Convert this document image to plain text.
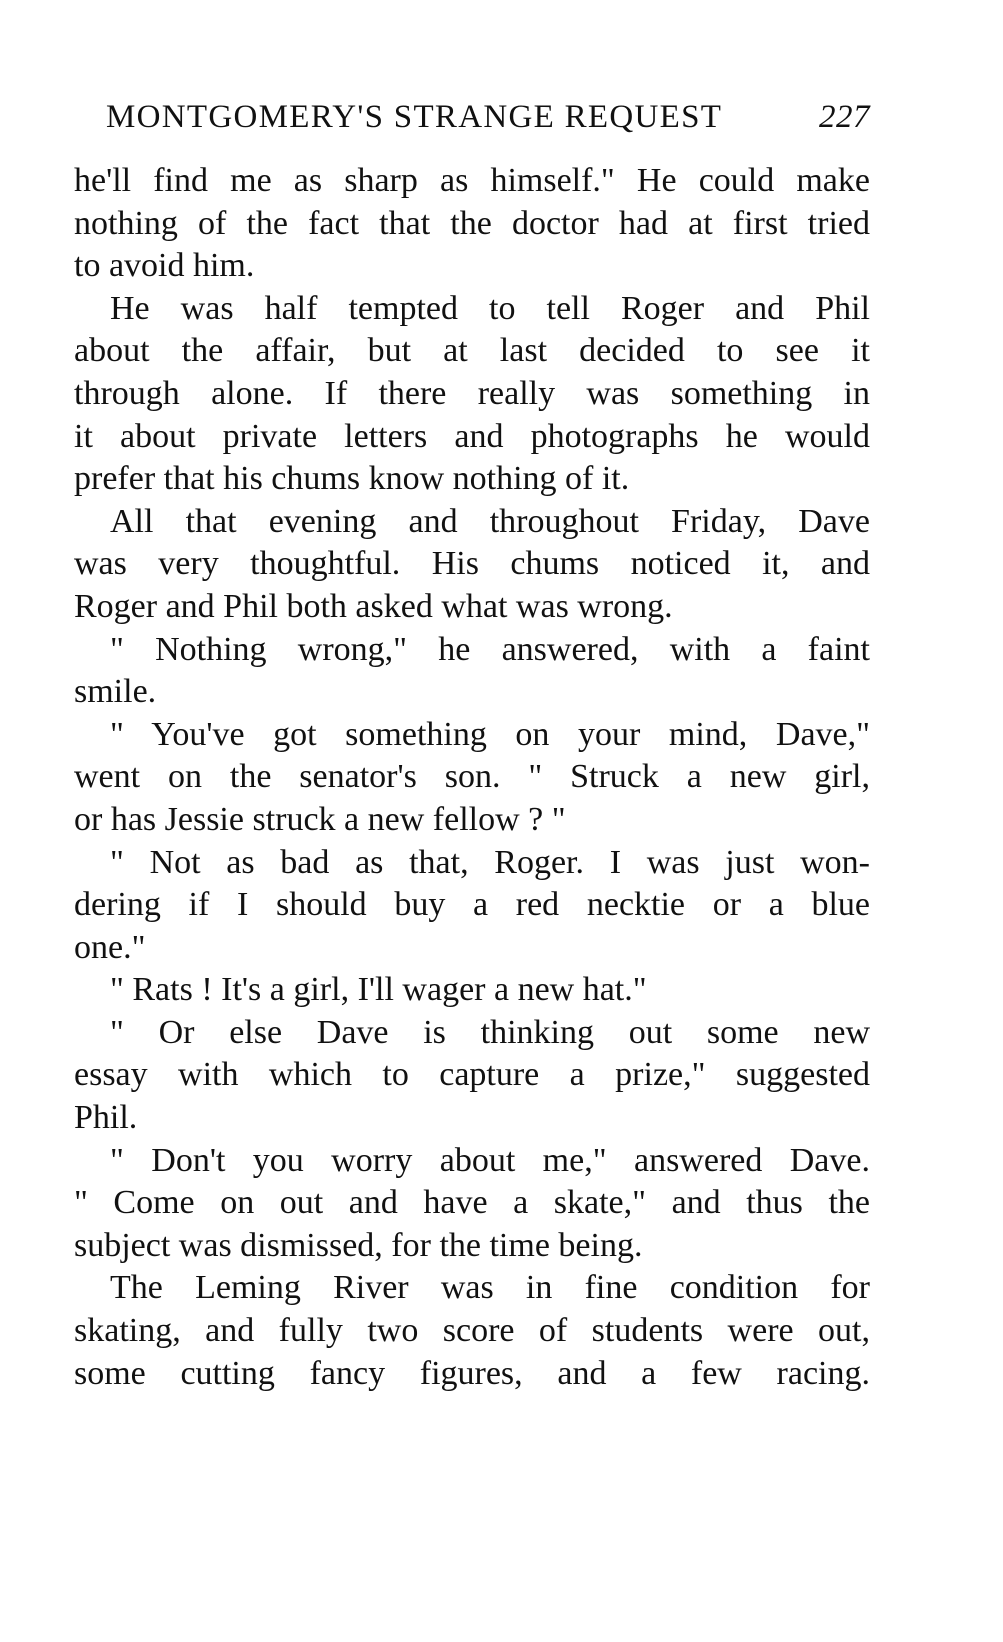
MONTGOMERY'S STRANGE REQUEST	227
he'll find me as sharp as himself." He could make
nothing of the fact that the doctor had at first tried
to avoid him.
He was half tempted to tell Roger and Phil
about the affair, but at last decided to see it
through alone. If there really was something in
it about private letters and photographs he would
prefer that his chums know nothing of it.
All that evening and throughout Friday, Dave
was very thoughtful. His chums noticed it, and
Roger and Phil both asked what was wrong.
" Nothing wrong," he answered, with a faint
smile.
" You've got something on your mind, Dave,"
went on the senator's son. " Struck a new girl,
or has Jessie struck a new fellow ? "
" Not as bad as that, Roger. I was just won-
dering if I should buy a red necktie or a blue
one."
" Rats ! It's a girl, I'll wager a new hat."
" Or else Dave is thinking out some new
essay with which to capture a prize," suggested
Phil.
" Don't you worry about me," answered Dave.
" Come on out and have a skate," and thus the
subject was dismissed, for the time being.
The Leming River was in fine condition for
skating, and fully two score of students were out,
some cutting fancy figures, and a few racing.
